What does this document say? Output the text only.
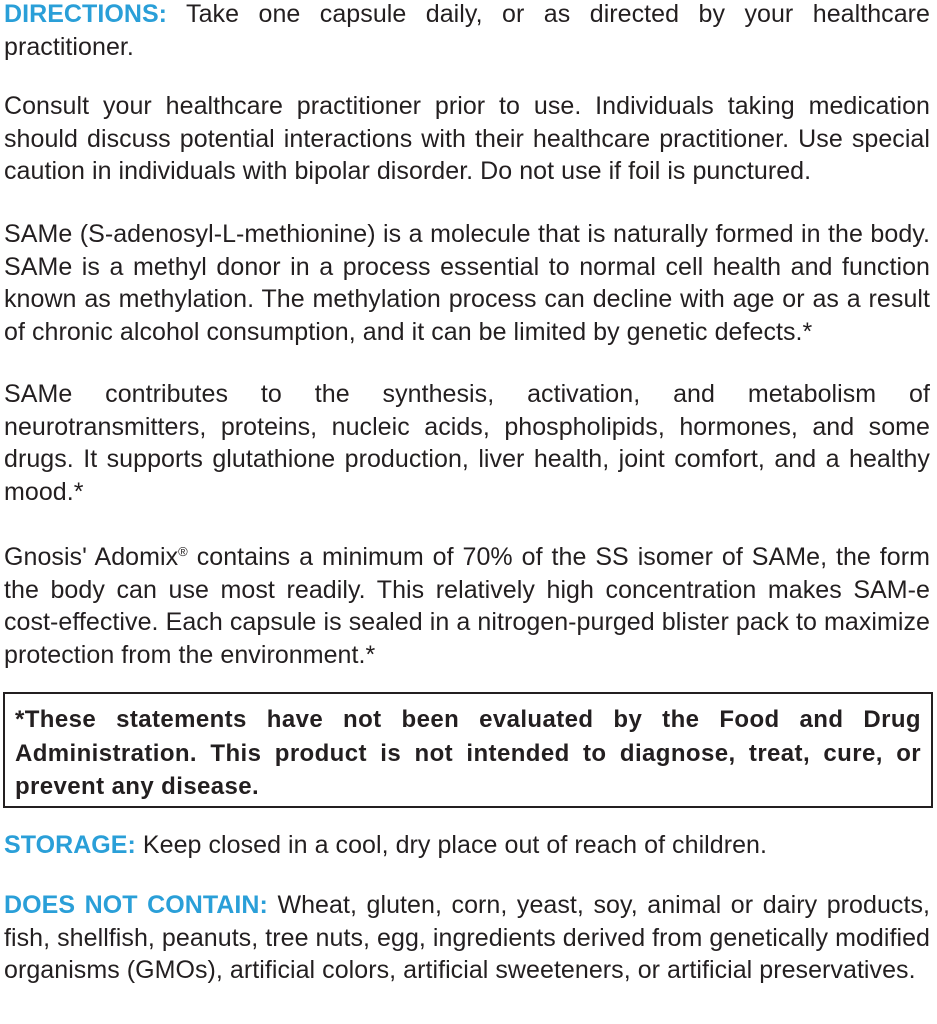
DIRECTIONS: Take one capsule daily, or as directed by your healthcare practitioner.

Consult your healthcare practitioner prior to use. Individuals taking medication should discuss potential interactions with their healthcare practitioner. Use special caution in individuals with bipolar disorder. Do not use if foil is punctured.

SAMe (S-adenosyl-L-methionine) is a molecule that is naturally formed in the body. SAMe is a methyl donor in a process essential to normal cell health and function known as methylation. The methylation process can decline with age or as a result of chronic alcohol consumption, and it can be limited by genetic defects.*

SAMe contributes to the synthesis, activation, and metabolism of neurotransmitters, proteins, nucleic acids, phospholipids, hormones, and some drugs. It supports glutathione production, liver health, joint comfort, and a healthy mood.*

Gnosis' Adomix® contains a minimum of 70% of the SS isomer of SAMe, the form the body can use most readily. This relatively high concentration makes SAM-e cost-effective. Each capsule is sealed in a nitrogen-purged blister pack to maximize protection from the environment.*

*These statements have not been evaluated by the Food and Drug Administration. This product is not intended to diagnose, treat, cure, or prevent any disease.

STORAGE: Keep closed in a cool, dry place out of reach of children.

DOES NOT CONTAIN: Wheat, gluten, corn, yeast, soy, animal or dairy products, fish, shellfish, peanuts, tree nuts, egg, ingredients derived from genetically modified organisms (GMOs), artificial colors, artificial sweeteners, or artificial preservatives.
